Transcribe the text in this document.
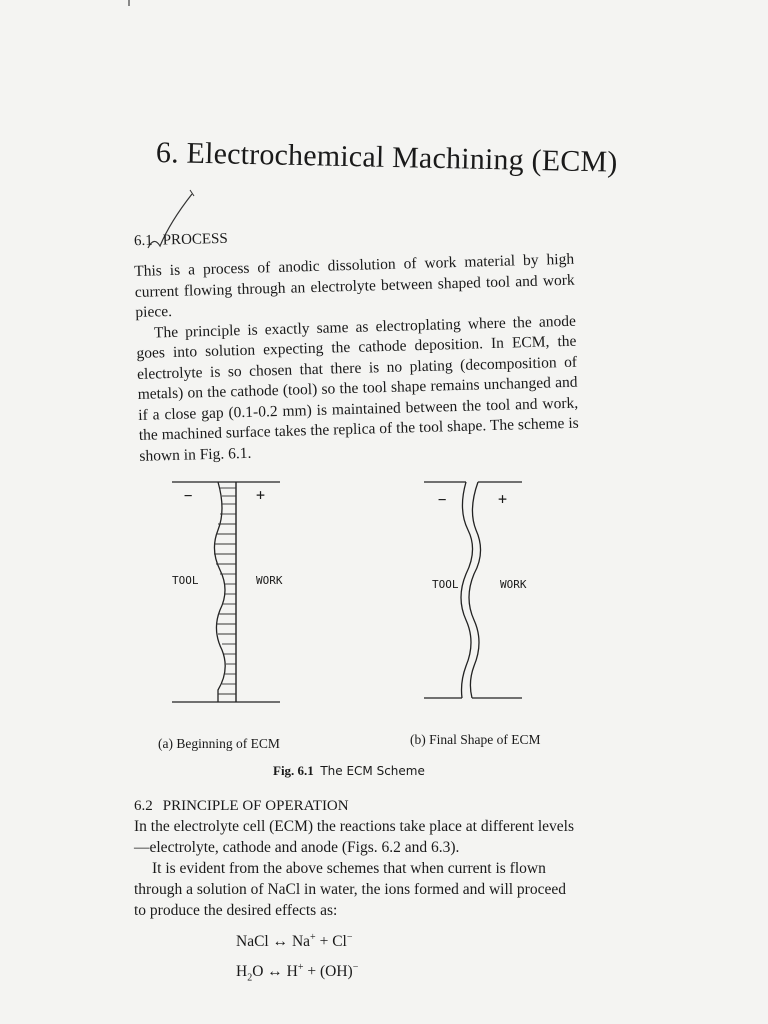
6. Electrochemical Machining (ECM)
6.1 PROCESS

This is a process of anodic dissolution of work material by high current flowing through an electrolyte between shaped tool and work piece.

The principle is exactly same as electroplating where the anode goes into solution expecting the cathode deposition. In ECM, the electrolyte is so chosen that there is no plating (decomposition of metals) on the cathode (tool) so the tool shape remains unchanged and if a close gap (0.1-0.2 mm) is maintained between the tool and work, the machined surface takes the replica of the tool shape. The scheme is shown in Fig. 6.1.

−	+
TOOL	WORK
−	+
TOOL	WORK
(a) Beginning of ECM	(b) Final Shape of ECM
Fig. 6.1 The ECM Scheme
6.2 PRINCIPLE OF OPERATION

In the electrolyte cell (ECM) the reactions take place at different levels—electrolyte, cathode and anode (Figs. 6.2 and 6.3).

It is evident from the above schemes that when current is flown through a solution of NaCl in water, the ions formed and will proceed to produce the desired effects as:

NaCl ↔ Na+ + Cl−
$H_2O$ ↔ H+ + (OH)−
